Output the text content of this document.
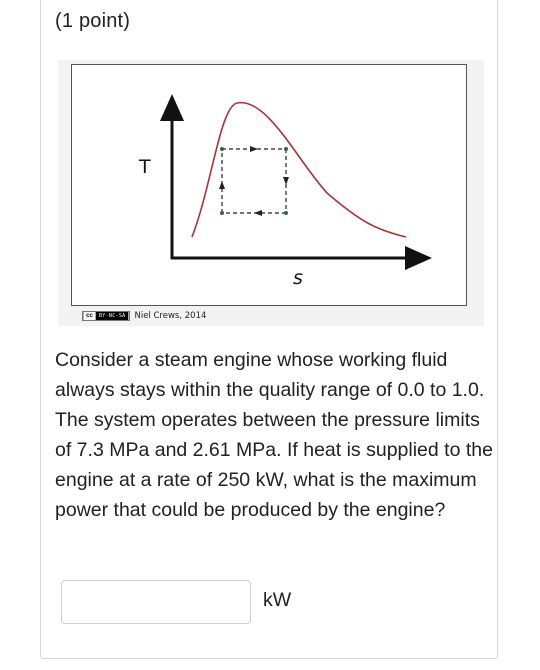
(1 point)
T
s
cc	BY-NC-SA	Niel Crews, 2014
Consider a steam engine whose working fluid always stays within the quality range of 0.0 to 1.0. The system operates between the pressure limits of 7.3 MPa and 2.61 MPa. If heat is supplied to the engine at a rate of 250 kW, what is the maximum power that could be produced by the engine?
kW
